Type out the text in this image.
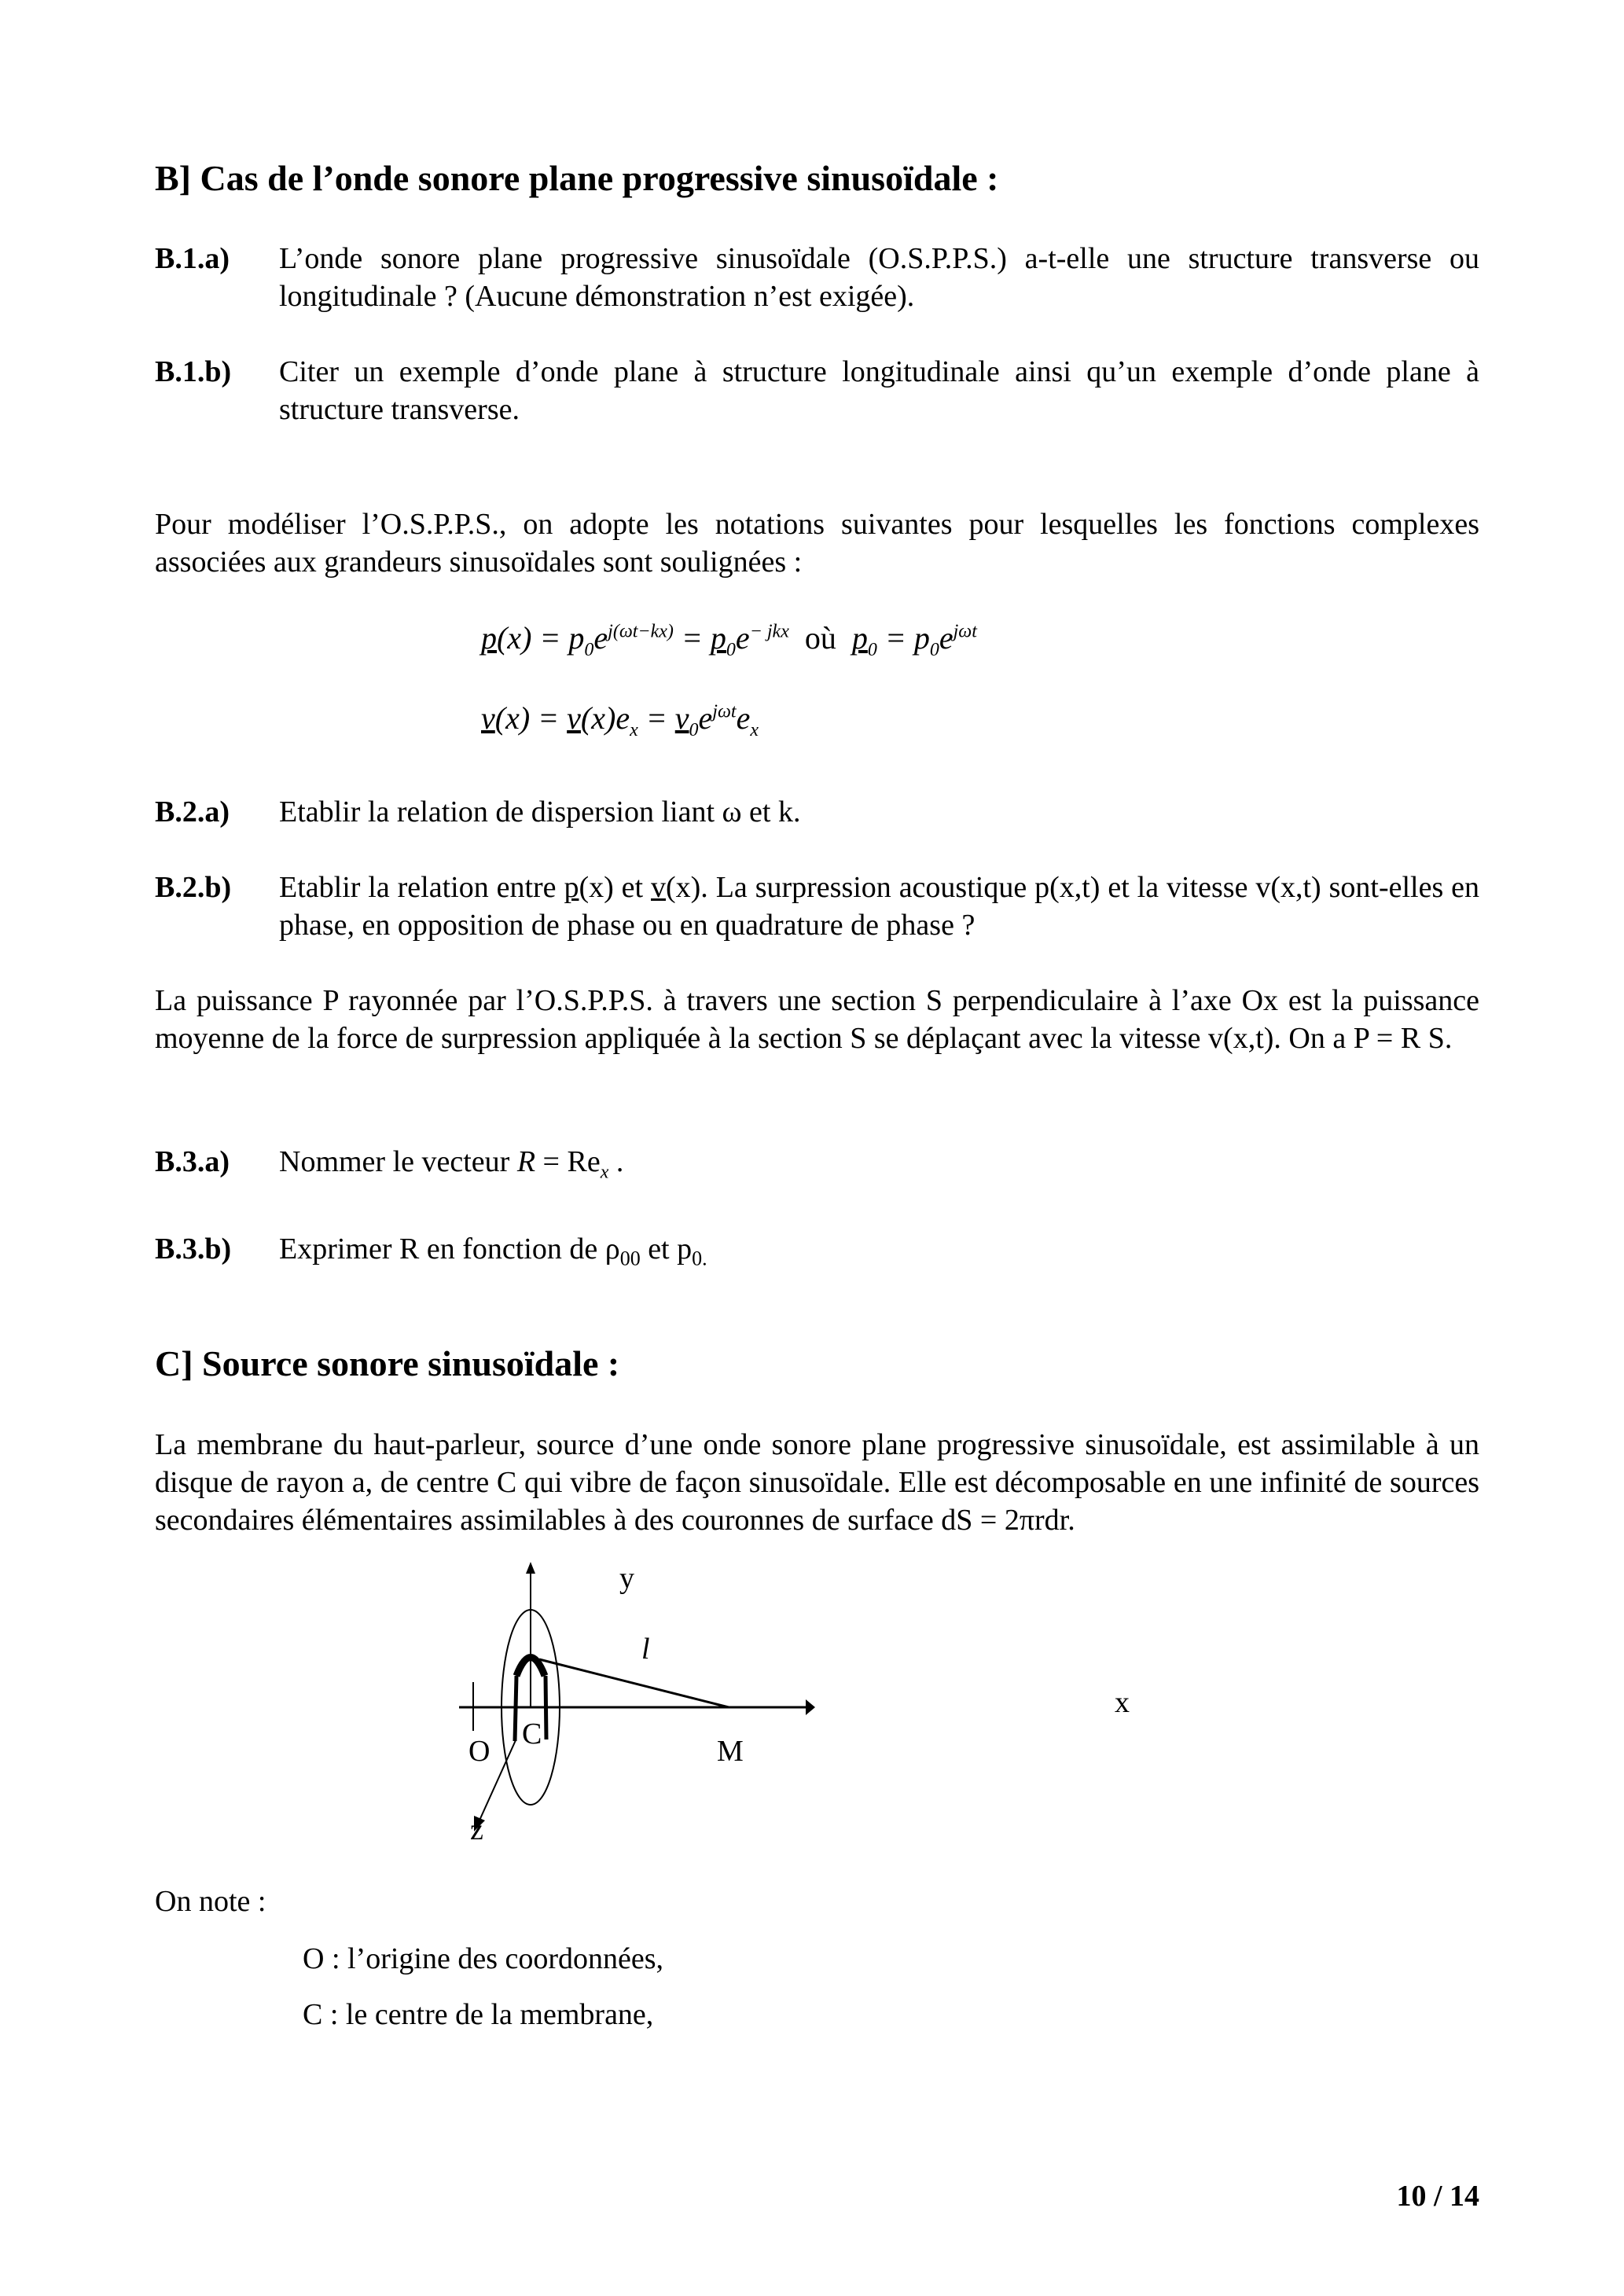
B] Cas de l’onde sonore plane progressive sinusoïdale :
B.1.a) L’onde sonore plane progressive sinusoïdale (O.S.P.P.S.) a-t-elle une structure transverse ou longitudinale ? (Aucune démonstration n’est exigée).
B.1.b) Citer un exemple d’onde plane à structure longitudinale ainsi qu’un exemple d’onde plane à structure transverse.
Pour modéliser l’O.S.P.P.S., on adopte les notations suivantes pour lesquelles les fonctions complexes associées aux grandeurs sinusoïdales sont soulignées :
$p(x) = p_0e^{j(\omega t-kx)} = p_0e^{- jkx}$ où $p_0 = p_0e^{j\omega t}$
$v(x) = v(x)e_x = v_0e^{j\omega t}e_x$
B.2.a) Etablir la relation de dispersion liant ω et k.
B.2.b) Etablir la relation entre p(x) et v(x). La surpression acoustique p(x,t) et la vitesse v(x,t) sont-elles en phase, en opposition de phase ou en quadrature de phase ?
La puissance P rayonnée par l’O.S.P.P.S. à travers une section S perpendiculaire à l’axe Ox est la puissance moyenne de la force de surpression appliquée à la section S se déplaçant avec la vitesse v(x,t). On a P = R S.
B.3.a) Nommer le vecteur $R = Re_x$ .
B.3.b) Exprimer R en fonction de $\rho_{00}$ et $p_{0.}$
C] Source sonore sinusoïdale :
La membrane du haut-parleur, source d’une onde sonore plane progressive sinusoïdale, est assimilable à un disque de rayon a, de centre C qui vibre de façon sinusoïdale. Elle est décomposable en une infinité de sources secondaires élémentaires assimilables à des couronnes de surface dS = 2πrdr.
y
x
z
O
C
M
l
On note :
O : l’origine des coordonnées,
C : le centre de la membrane,
10 / 14
